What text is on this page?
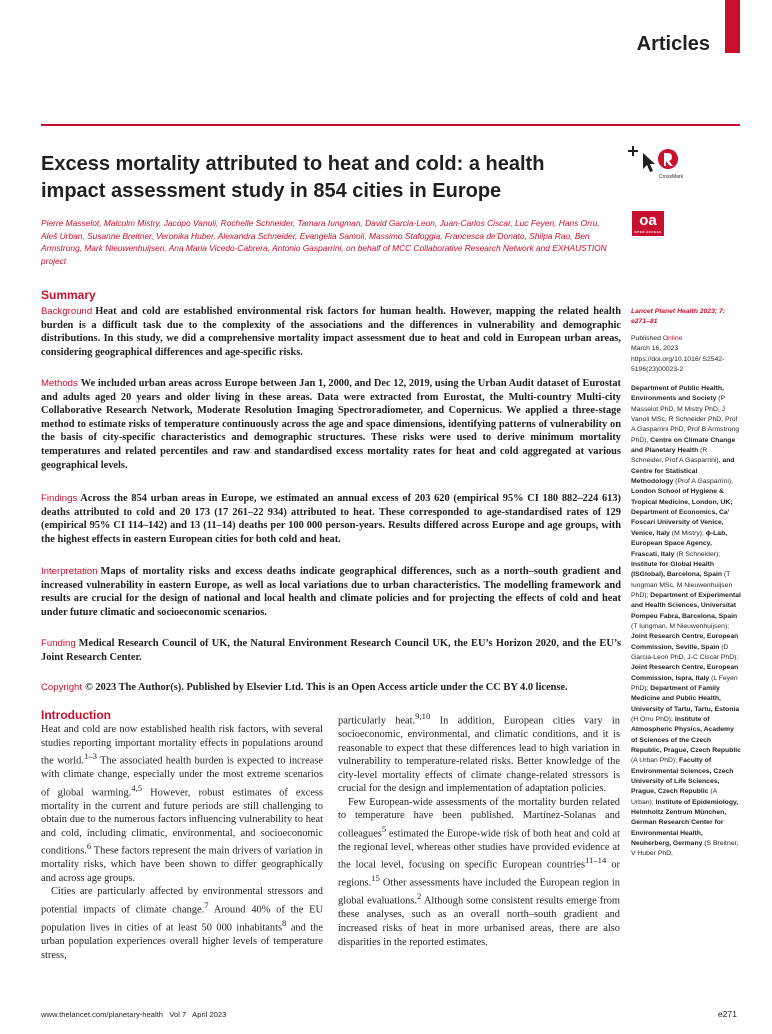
Articles
Excess mortality attributed to heat and cold: a health impact assessment study in 854 cities in Europe
CrossMark
oa
OPEN ACCESS

Pierre Masselot, Malcolm Mistry, Jacopo Vanoli, Rochelle Schneider, Tamara Iungman, David Garcia-Leon, Juan-Carlos Ciscar, Luc Feyen, Hans Orru, Aleš Urban, Susanne Breitner, Veronika Huber, Alexandra Schneider, Evangelia Samoli, Massimo Stafoggia, Francesca de’Donato, Shilpa Rao, Ben Armstrong, Mark Nieuwenhuijsen, Ana Maria Vicedo-Cabrera, Antonio Gasparrini, on behalf of MCC Collaborative Research Network and EXHAUSTION project

Summary

Background Heat and cold are established environmental risk factors for human health. However, mapping the related health burden is a difficult task due to the complexity of the associations and the differences in vulnerability and demographic distributions. In this study, we did a comprehensive mortality impact assessment due to heat and cold in European urban areas, considering geographical differences and age-specific risks.

Methods We included urban areas across Europe between Jan 1, 2000, and Dec 12, 2019, using the Urban Audit dataset of Eurostat and adults aged 20 years and older living in these areas. Data were extracted from Eurostat, the Multi-country Multi-city Collaborative Research Network, Moderate Resolution Imaging Spectroradiometer, and Copernicus. We applied a three-stage method to estimate risks of temperature continuously across the age and space dimensions, identifying patterns of vulnerability on the basis of city-specific characteristics and demographic structures. These risks were used to derive minimum mortality temperatures and related percentiles and raw and standardised excess mortality rates for heat and cold aggregated at various geographical levels.

Findings Across the 854 urban areas in Europe, we estimated an annual excess of 203 620 (empirical 95% CI 180 882–224 613) deaths attributed to cold and 20 173 (17 261–22 934) attributed to heat. These corresponded to age-standardised rates of 129 (empirical 95% CI 114–142) and 13 (11–14) deaths per 100 000 person-years. Results differed across Europe and age groups, with the highest effects in eastern European cities for both cold and heat.

Interpretation Maps of mortality risks and excess deaths indicate geographical differences, such as a north–south gradient and increased vulnerability in eastern Europe, as well as local variations due to urban characteristics. The modelling framework and results are crucial for the design of national and local health and climate policies and for projecting the effects of cold and heat under future climatic and socioeconomic scenarios.

Funding Medical Research Council of UK, the Natural Environment Research Council UK, the EU’s Horizon 2020, and the EU’s Joint Research Center.

Copyright © 2023 The Author(s). Published by Elsevier Ltd. This is an Open Access article under the CC BY 4.0 license.

Introduction

Heat and cold are now established health risk factors, with several studies reporting important mortality effects in populations around the world.$^{1-3}$ The associated health burden is expected to increase with climate change, especially under the most extreme scenarios of global warming.$^{4,5}$ However, robust estimates of excess mortality in the current and future periods are still challenging to obtain due to the numerous factors influencing vulnerability to heat and cold, including climatic, environmental, and socioeconomic conditions.$^6$ These factors represent the main drivers of variation in mortality risks, which have been shown to differ geographically and across age groups.

Cities are particularly affected by environmental stressors and potential impacts of climate change.$^7$ Around 40% of the EU population lives in cities of at least 50 000 inhabitants$^8$ and the urban population experiences overall higher levels of temperature stress,

particularly heat.$^{9,10}$ In addition, European cities vary in socioeconomic, environmental, and climatic conditions, and it is reasonable to expect that these differences lead to high variation in vulnerability to temperature-related risks. Better knowledge of the city-level mortality effects of climate change-related stressors is crucial for the design and implementation of adaptation policies.

Few European-wide assessments of the mortality burden related to temperature have been published. Martínez-Solanas and colleagues$^5$ estimated the Europe-wide risk of both heat and cold at the regional level, whereas other studies have provided evidence at the local level, focusing on specific European countries$^{11-14}$ or regions.$^{15}$ Other assessments have included the European region in global evaluations.$^2$ Although some consistent results emerge from these analyses, such as an overall north–south gradient and increased risks of heat in more urbanised areas, there are also disparities in the reported estimates.

Lancet Planet Health 2023; 7: e271–81
Published Online
March 16, 2023
https://doi.org/10.1016/ S2542-5196(23)00023-2
Department of Public Health, Environments and Society (P Masselot PhD, M Mistry PhD, J Vanoli MSc, R Schneider PhD, Prof A Gasparrini PhD, Prof B Armstrong PhD), Centre on Climate Change and Planetary Health (R Schneider, Prof A Gasparrini), and Centre for Statistical Methodology (Prof A Gasparrini), London School of Hygiene & Tropical Medicine, London, UK; Department of Economics, Ca’ Foscari University of Venice, Venice, Italy (M Mistry); ɸ-Lab, European Space Agency, Frascati, Italy (R Schneider); Institute for Global Health (ISGlobal), Barcelona, Spain (T Iungman MSc, M Nieuwenhuijsen PhD); Department of Experimental and Health Sciences, Universitat Pompeu Fabra, Barcelona, Spain (T Iungman, M Nieuwenhuijsen); Joint Research Centre, European Commission, Seville, Spain (D Garcia-Leon PhD, J-C Ciscar PhD); Joint Research Centre, European Commission, Ispra, Italy (L Feyen PhD); Department of Family Medicine and Public Health, University of Tartu, Tartu, Estonia (H Orru PhD); Institute of Atmospheric Physics, Academy of Sciences of the Czech Republic, Prague, Czech Republic (A Urban PhD); Faculty of Environmental Sciences, Czech University of Life Sciences, Prague, Czech Republic (A Urban); Institute of Epidemiology, Helmholtz Zentrum München, German Research Center for Environmental Health, Neuherberg, Germany (S Breitner, V Huber PhD,
www.thelancet.com/planetary-health Vol 7 April 2023	e271
